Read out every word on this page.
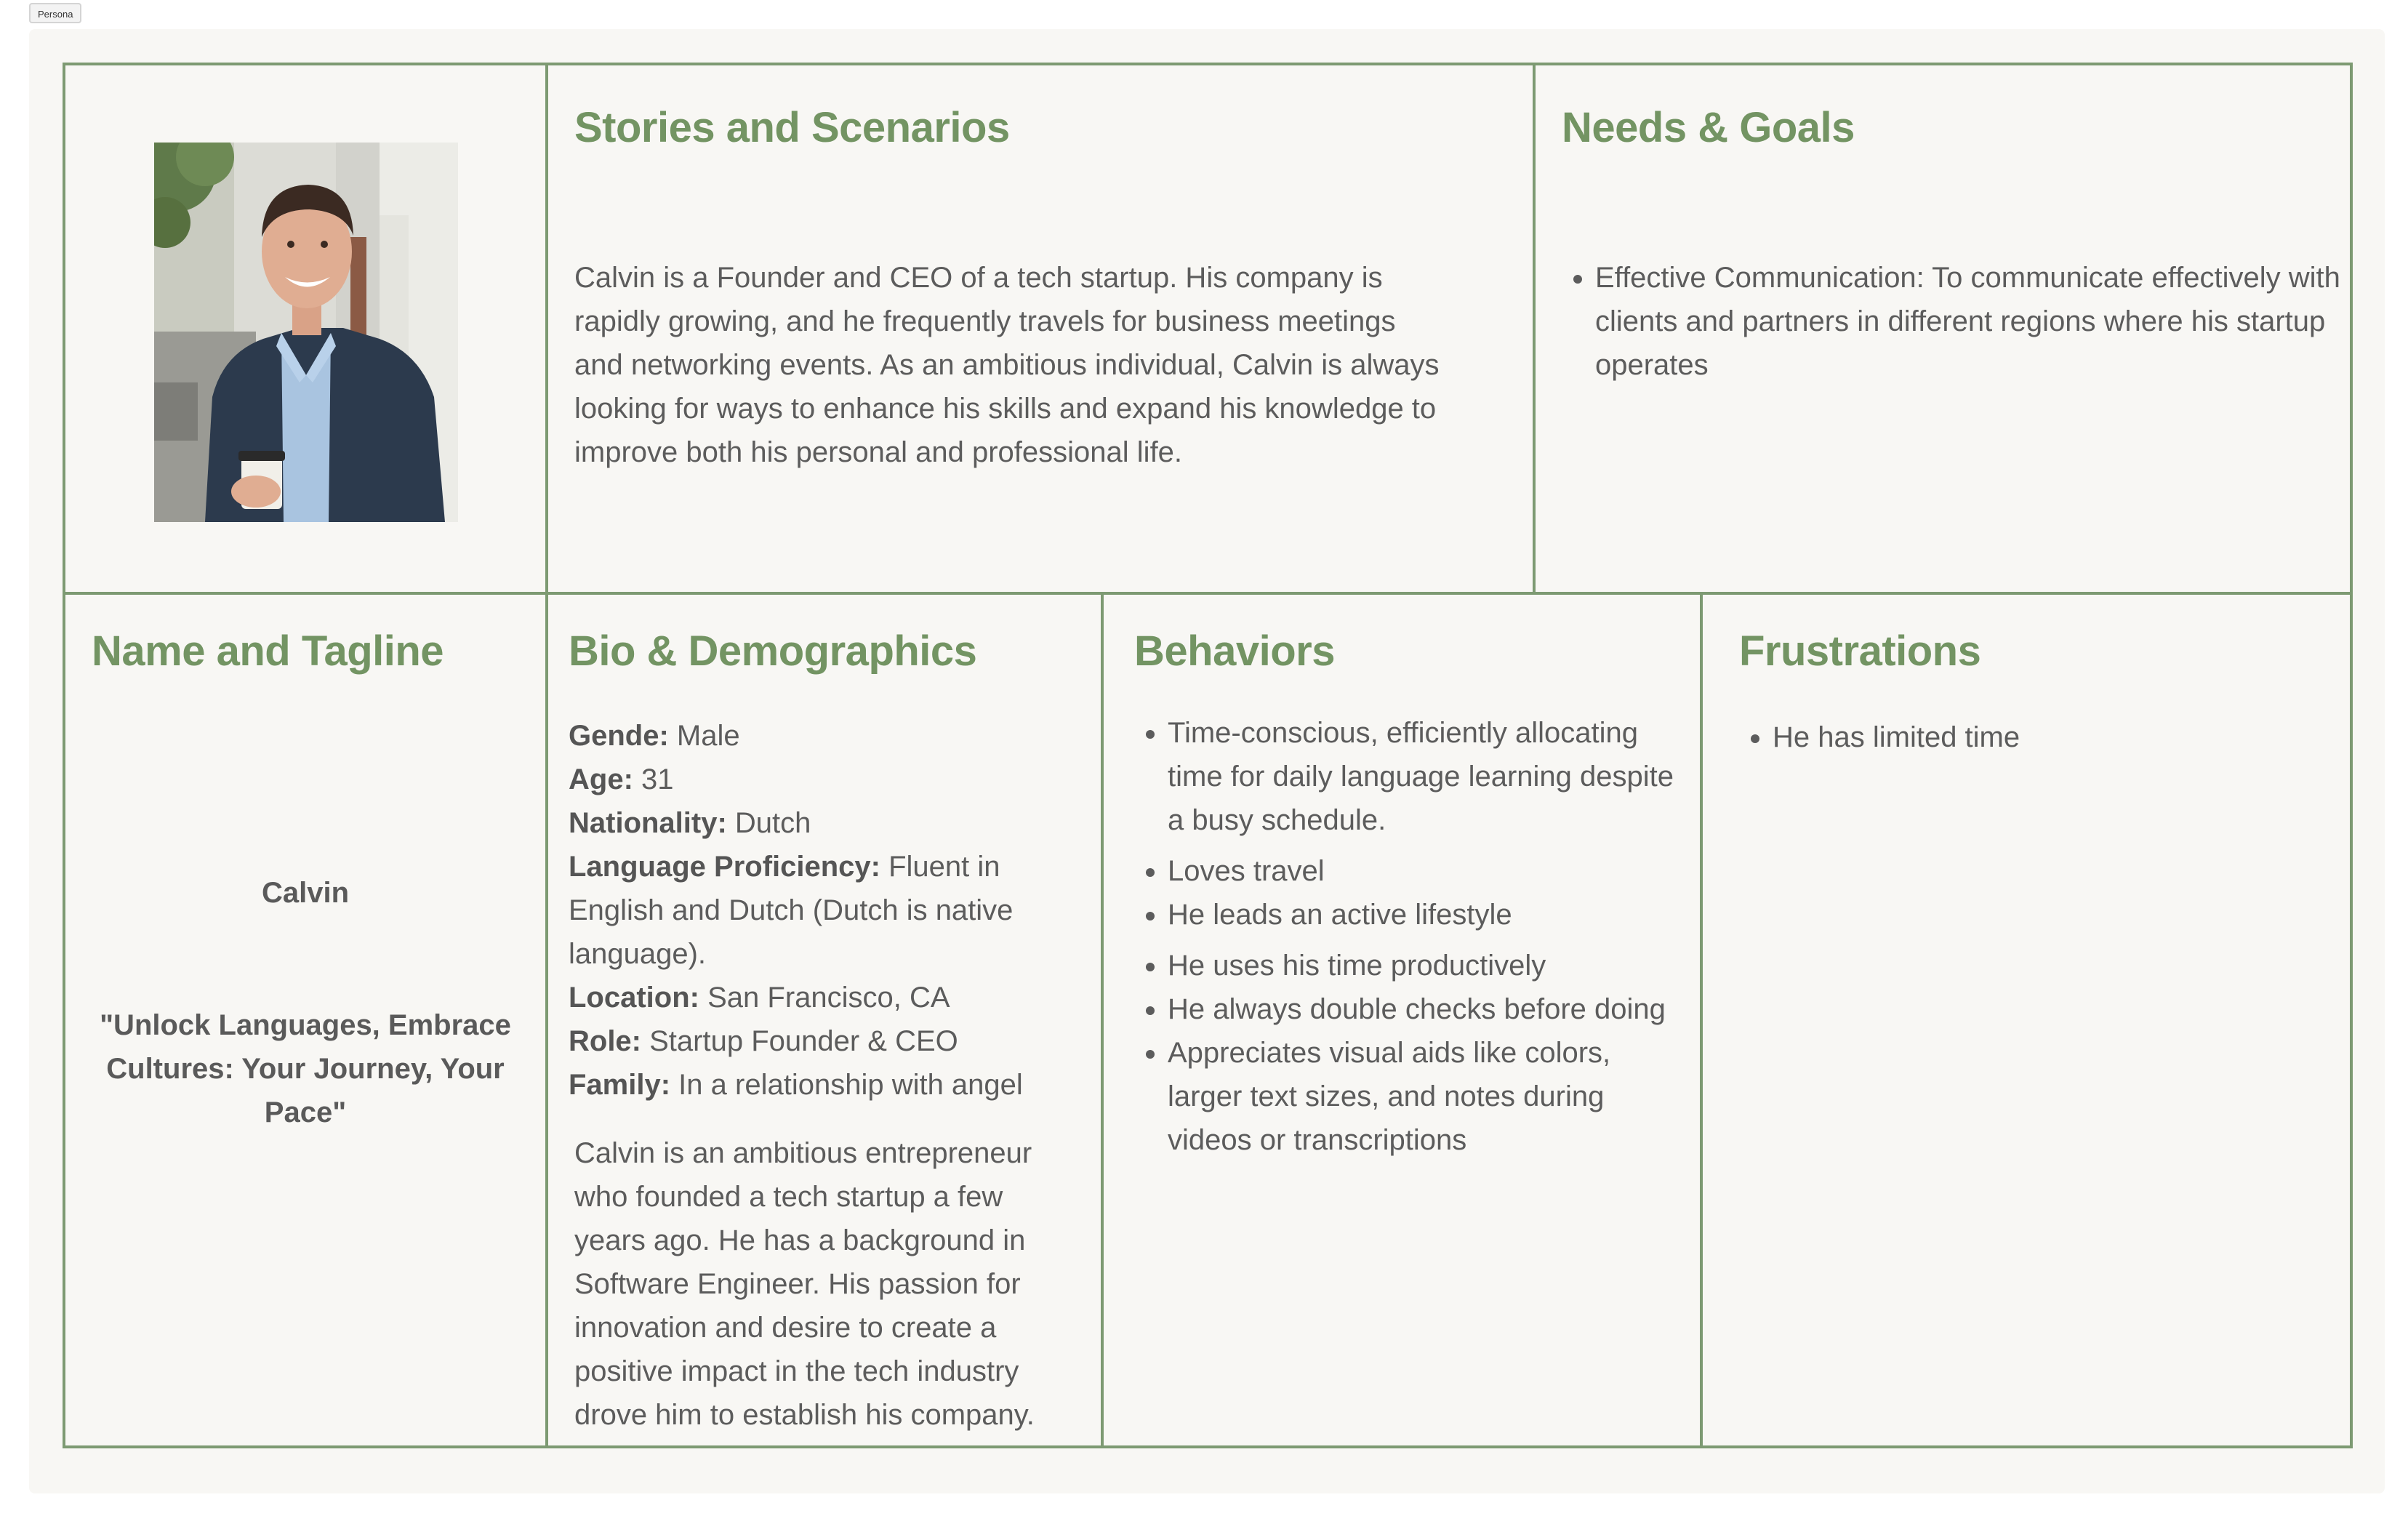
Persona
Stories and Scenarios

Calvin is a Founder and CEO of a tech startup. His company is rapidly growing, and he frequently travels for business meetings and networking events. As an ambitious individual, Calvin is always looking for ways to enhance his skills and expand his knowledge to improve both his personal and professional life.

Needs & Goals
• Effective Communication: To communicate effectively with clients and partners in different regions where his startup operates
Name and Tagline
Calvin
"Unlock Languages, Embrace Cultures: Your Journey, Your Pace"
Bio & Demographics

Gende: Male

Age: 31

Nationality: Dutch

Language Proficiency: Fluent in English and Dutch (Dutch is native language).

Location: San Francisco, CA

Role: Startup Founder & CEO

Family: In a relationship with angel

Calvin is an ambitious entrepreneur who founded a tech startup a few years ago. He has a background in Software Engineer. His passion for innovation and desire to create a positive impact in the tech industry drove him to establish his company.

Behaviors
• Time-conscious, efficiently allocating time for daily language learning despite a busy schedule.
• Loves travel
• He leads an active lifestyle
• He uses his time productively
• He always double checks before doing
• Appreciates visual aids like colors, larger text sizes, and notes during videos or transcriptions
Frustrations
• He has limited time
